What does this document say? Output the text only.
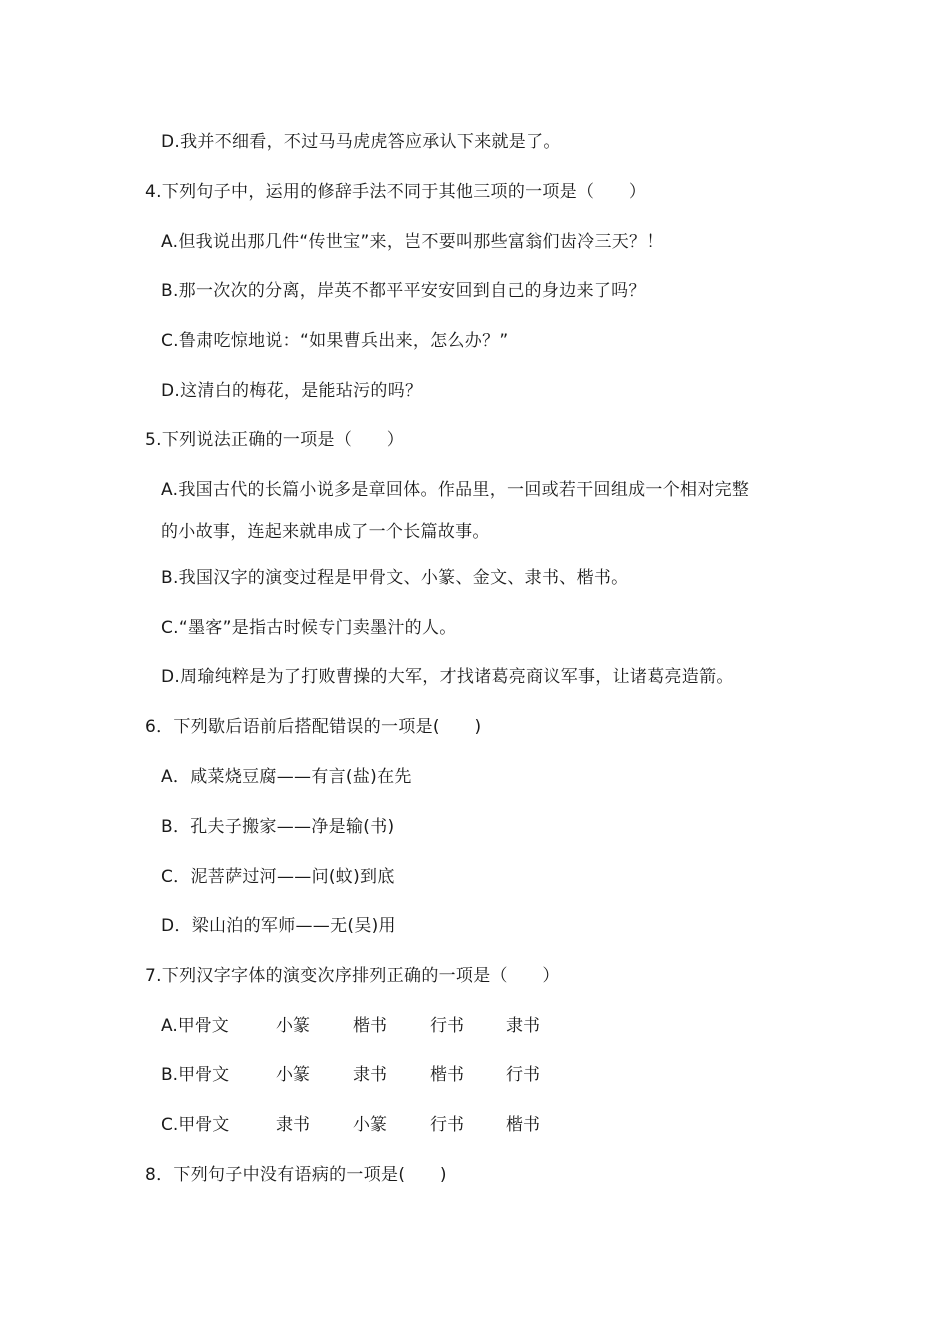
D.我并不细看，不过马马虎虎答应承认下来就是了。
4.下列句子中，运用的修辞手法不同于其他三项的一项是（　　）
A.但我说出那几件“传世宝”来，岂不要叫那些富翁们齿冷三天？！
B.那一次次的分离，岸英不都平平安安回到自己的身边来了吗？
C.鲁肃吃惊地说：“如果曹兵出来，怎么办？”
D.这清白的梅花，是能玷污的吗？
5.下列说法正确的一项是（　　）
A.我国古代的长篇小说多是章回体。作品里，一回或若干回组成一个相对完整
的小故事，连起来就串成了一个长篇故事。
B.我国汉字的演变过程是甲骨文、小篆、金文、隶书、楷书。
C.“墨客”是指古时候专门卖墨汁的人。
D.周瑜纯粹是为了打败曹操的大军，才找诸葛亮商议军事，让诸葛亮造箭。
6．下列歇后语前后搭配错误的一项是(　　)
A．咸菜烧豆腐——有言(盐)在先
B．孔夫子搬家——净是输(书)
C．泥菩萨过河——问(蚊)到底
D．梁山泊的军师——无(吴)用
7.下列汉字字体的演变次序排列正确的一项是（　　）
A.甲骨文	小篆	楷书	行书 隶书
B.甲骨文	小篆	隶书	楷书 行书
C.甲骨文	隶书	小篆	行书 楷书
8．下列句子中没有语病的一项是(　　)
